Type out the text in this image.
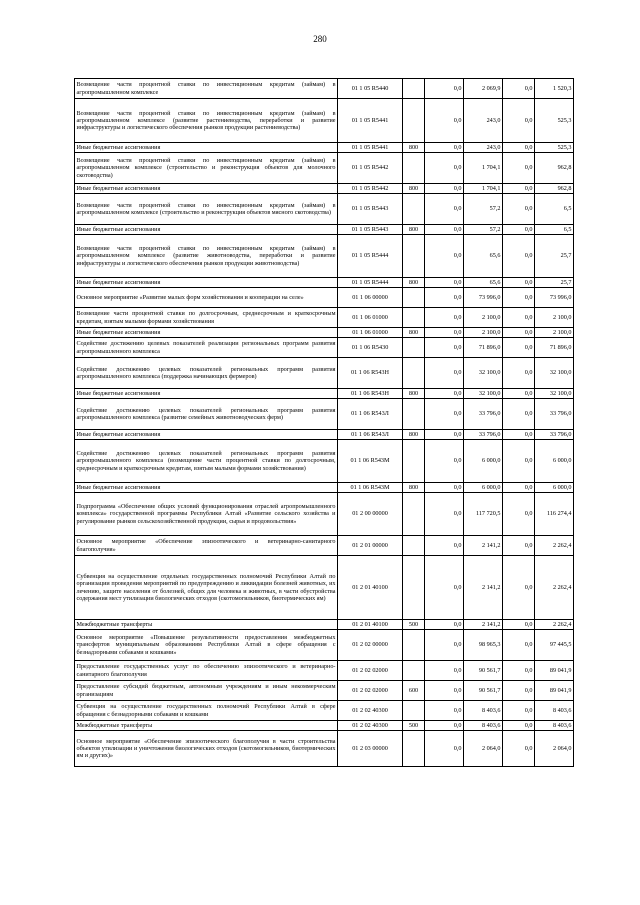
280
Возмещение части процентной ставки по инвестиционным кредитам (займам) в агропромышленном комплексе	01 1 05 R5440		0,0	2 069,9	0,0	1 520,3
Возмещение части процентной ставки по инвестиционным кредитам (займам) в агропромышленном комплексе (развитие растениеводства, переработки и развитие инфраструктуры и логистического обеспечения рынков продукции растениеводства)	01 1 05 R5441		0,0	243,0	0,0	525,3
Иные бюджетные ассигнования	01 1 05 R5441	800	0,0	243,0	0,0	525,3
Возмещение части процентной ставки по инвестиционным кредитам (займам) в агропромышленном комплексе (строительство и реконструкция объектов для молочного скотоводства)	01 1 05 R5442		0,0	1 704,1	0,0	962,8
Иные бюджетные ассигнования	01 1 05 R5442	800	0,0	1 704,1	0,0	962,8
Возмещение части процентной ставки по инвестиционным кредитам (займам) в агропромышленном комплексе (строительство и реконструкция объектов мясного скотоводства)	01 1 05 R5443		0,0	57,2	0,0	6,5
Иные бюджетные ассигнования	01 1 05 R5443	800	0,0	57,2	0,0	6,5
Возмещение части процентной ставки по инвестиционным кредитам (займам) в агропромышленном комплексе (развитие животноводства, переработки и развитие инфраструктуры и логистического обеспечения рынков продукции животноводства)	01 1 05 R5444		0,0	65,6	0,0	25,7
Иные бюджетные ассигнования	01 1 05 R5444	800	0,0	65,6	0,0	25,7
Основное мероприятие «Развитие малых форм хозяйствования и кооперации на селе»	01 1 06 00000		0,0	73 996,0	0,0	73 996,0
Возмещение части процентной ставки по долгосрочным, среднесрочным и краткосрочным кредитам, взятым малыми формами хозяйствования	01 1 06 01000		0,0	2 100,0	0,0	2 100,0
Иные бюджетные ассигнования	01 1 06 01000	800	0,0	2 100,0	0,0	2 100,0
Содействие достижению целевых показателей реализации региональных программ развития агропромышленного комплекса	01 1 06 R5430		0,0	71 896,0	0,0	71 896,0
Содействие достижению целевых показателей региональных программ развития агропромышленного комплекса (поддержка начинающих фермеров)	01 1 06 R543Н		0,0	32 100,0	0,0	32 100,0
Иные бюджетные ассигнования	01 1 06 R543Н	800	0,0	32 100,0	0,0	32 100,0
Содействие достижению целевых показателей региональных программ развития агропромышленного комплекса (развитие семейных животноводческих ферм)	01 1 06 R543Л		0,0	33 796,0	0,0	33 796,0
Иные бюджетные ассигнования	01 1 06 R543Л	800	0,0	33 796,0	0,0	33 796,0
Содействие достижению целевых показателей региональных программ развития агропромышленного комплекса (возмещение части процентной ставки по долгосрочным, среднесрочным и краткосрочным кредитам, взятым малыми формами хозяйствования)	01 1 06 R543М		0,0	6 000,0	0,0	6 000,0
Иные бюджетные ассигнования	01 1 06 R543М	800	0,0	6 000,0	0,0	6 000,0
Подпрограмма «Обеспечение общих условий функционирования отраслей агропромышленного комплекса» государственной программы Республики Алтай «Развитие сельского хозяйства и регулирование рынков сельскохозяйственной продукции, сырья и продовольствия»	01 2 00 00000		0,0	117 720,5	0,0	116 274,4
Основное мероприятие «Обеспечение эпизоотического и ветеринарно-санитарного благополучия»	01 2 01 00000		0,0	2 141,2	0,0	2 262,4
Субвенция на осуществление отдельных государственных полномочий Республики Алтай по организации проведения мероприятий по предупреждению и ликвидации болезней животных, их лечению, защите населения от болезней, общих для человека и животных, в части обустройства содержания мест утилизации биологических отходов (скотомогильников, биотермических ям)	01 2 01 40100		0,0	2 141,2	0,0	2 262,4
Межбюджетные трансферты	01 2 01 40100	500	0,0	2 141,2	0,0	2 262,4
Основное мероприятие «Повышение результативности предоставления межбюджетных трансфертов муниципальным образованиям Республики Алтай в сфере обращения с безнадзорными собаками и кошками»	01 2 02 00000		0,0	98 965,3	0,0	97 445,5
Предоставление государственных услуг по обеспечению эпизоотического и ветеринарно-санитарного благополучия	01 2 02 02000		0,0	90 561,7	0,0	89 041,9
Предоставление субсидий бюджетным, автономным учреждениям и иным некоммерческим организациям	01 2 02 02000	600	0,0	90 561,7	0,0	89 041,9
Субвенция на осуществление государственных полномочий Республики Алтай в сфере обращения с безнадзорными собаками и кошками	01 2 02 40300		0,0	8 403,6	0,0	8 403,6
Межбюджетные трансферты	01 2 02 40300	500	0,0	8 403,6	0,0	8 403,6
Основное мероприятие «Обеспечение эпизоотического благополучия в части строительства объектов утилизации и уничтожения биологических отходов (скотомогильников, биотермических ям и других)»	01 2 03 00000		0,0	2 064,0	0,0	2 064,0
